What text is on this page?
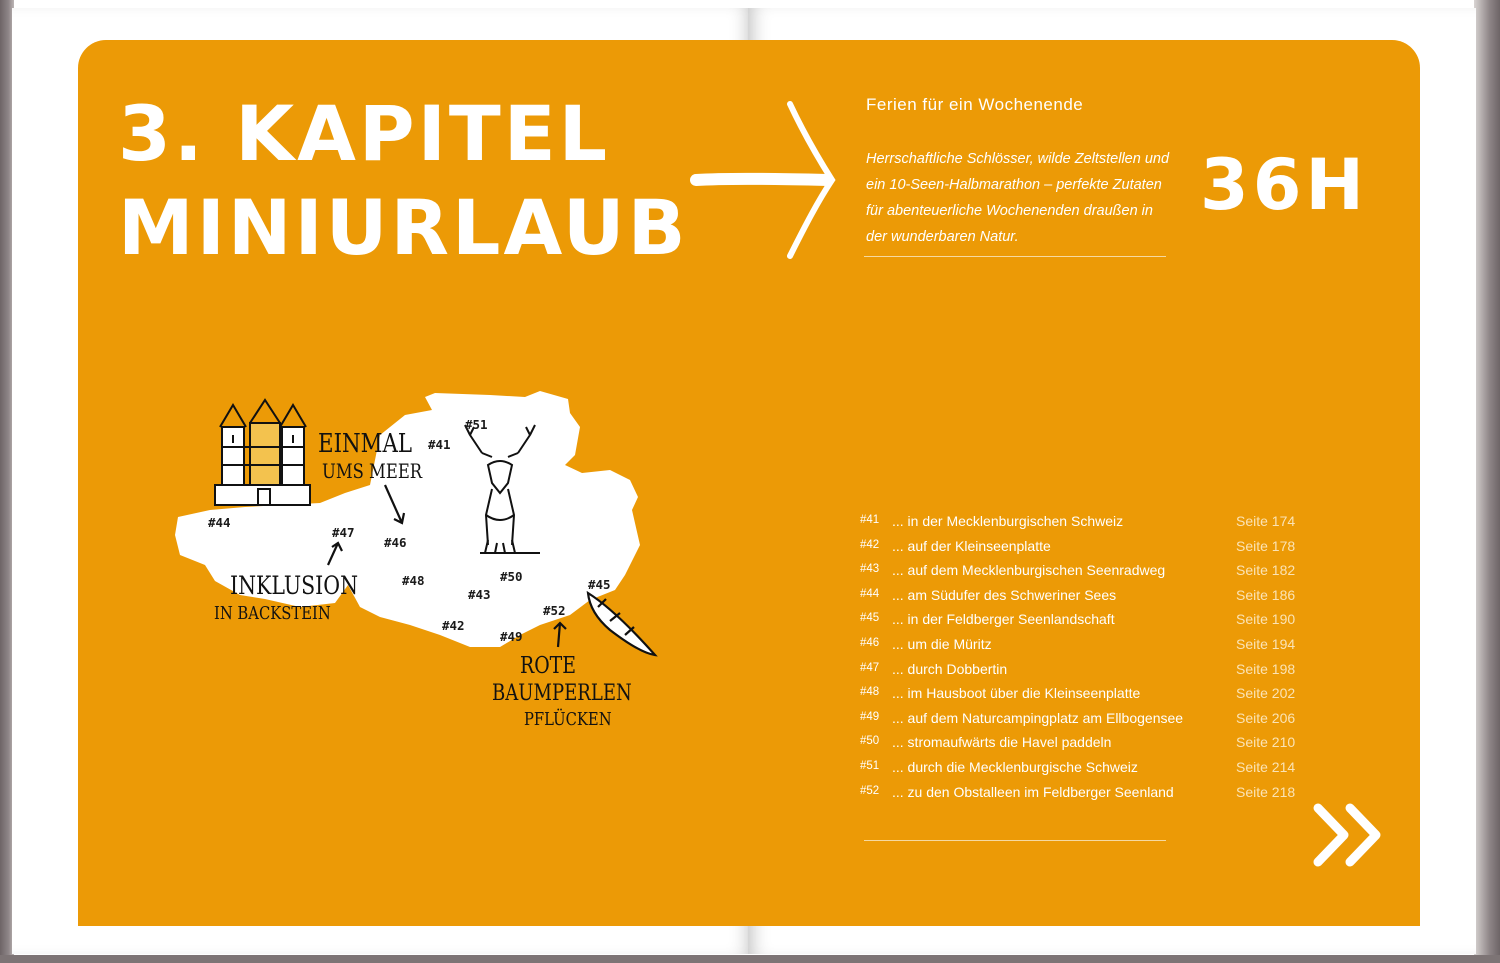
3. KAPITEL
MINIURLAUB
#51
#41
#44
#47
#46
#48	#50
#43
#45
#52
#42
#49
EINMAL
UMS MEER
INKLUSION
IN BACKSTEIN
ROTE
BAUMPERLEN
PFLÜCKEN
Ferien für ein Wochenende
Herrschaftliche Schlösser, wilde Zeltstellen und ein 10-Seen-Halbmarathon – perfekte Zutaten für abenteuerliche Wochenenden draußen in der wunderbaren Natur.
36H
#41 ... in der Mecklenburgischen Schweiz	Seite 174
#42 ... auf der Kleinseenplatte	Seite 178
#43 ... auf dem Mecklenburgischen Seenradweg	Seite 182
#44 ... am Südufer des Schweriner Sees	Seite 186
#45 ... in der Feldberger Seenlandschaft	Seite 190
#46 ... um die Müritz	Seite 194
#47 ... durch Dobbertin	Seite 198
#48 ... im Hausboot über die Kleinseenplatte	Seite 202
#49 ... auf dem Naturcampingplatz am Ellbogensee	Seite 206
#50 ... stromaufwärts die Havel paddeln	Seite 210
#51 ... durch die Mecklenburgische Schweiz	Seite 214
#52 ... zu den Obstalleen im Feldberger Seenland	Seite 218
